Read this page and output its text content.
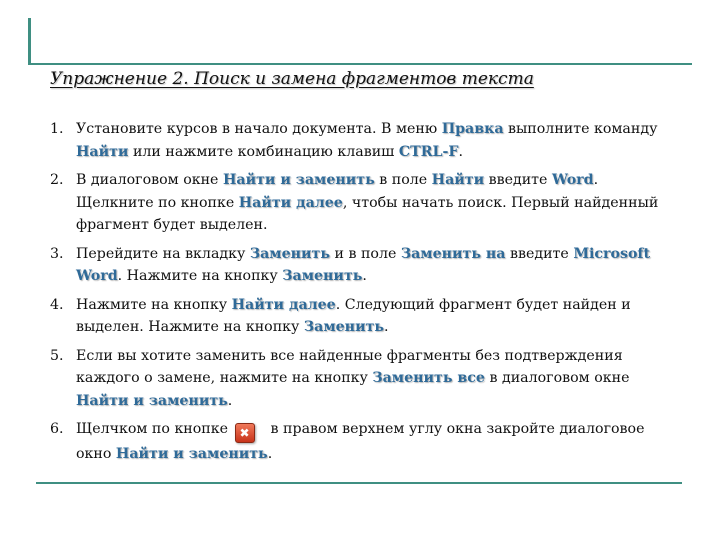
Упражнение 2. Поиск и замена фрагментов текста
1. Установите курсов в начало документа. В меню Правка выполните команду Найти или нажмите комбинацию клавиш CTRL-F.
2. В диалоговом окне Найти и заменить в поле Найти введите Word. Щелкните по кнопке Найти далее, чтобы начать поиск. Первый найденный фрагмент будет выделен.
3. Перейдите на вкладку Заменить и в поле Заменить на введите Microsoft Word. Нажмите на кнопку Заменить.
4. Нажмите на кнопку Найти далее. Следующий фрагмент будет найден и выделен. Нажмите на кнопку Заменить.
5. Если вы хотите заменить все найденные фрагменты без подтверждения каждого о замене, нажмите на кнопку Заменить все в диалоговом окне Найти и заменить.
6. Щелчком по кнопке ✖ в правом верхнем углу окна закройте диалоговое окно Найти и заменить.
